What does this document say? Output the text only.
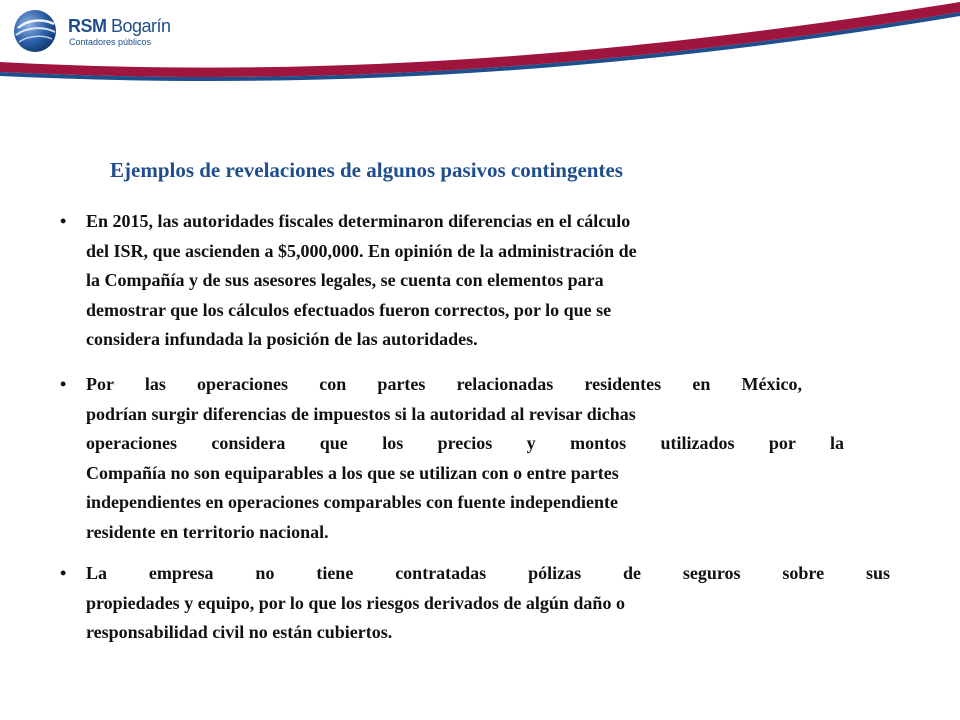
RSM Bogarín
Contadores públicos
Ejemplos de revelaciones de algunos pasivos contingentes
• En 2015, las autoridades fiscales determinaron diferencias en el cálculo
del ISR, que ascienden a $5,000,000. En opinión de la administración de
la Compañía y de sus asesores legales, se cuenta con elementos para
demostrar que los cálculos efectuados fueron correctos, por lo que se
considera infundada la posición de las autoridades.
• Por las operaciones con partes relacionadas residentes en México,
podrían surgir diferencias de impuestos si la autoridad al revisar dichas
operaciones considera que los precios y montos utilizados por la
Compañía no son equiparables a los que se utilizan con o entre partes
independientes en operaciones comparables con fuente independiente
residente en territorio nacional.
• La empresa no tiene contratadas pólizas de seguros sobre sus
propiedades y equipo, por lo que los riesgos derivados de algún daño o
responsabilidad civil no están cubiertos.
